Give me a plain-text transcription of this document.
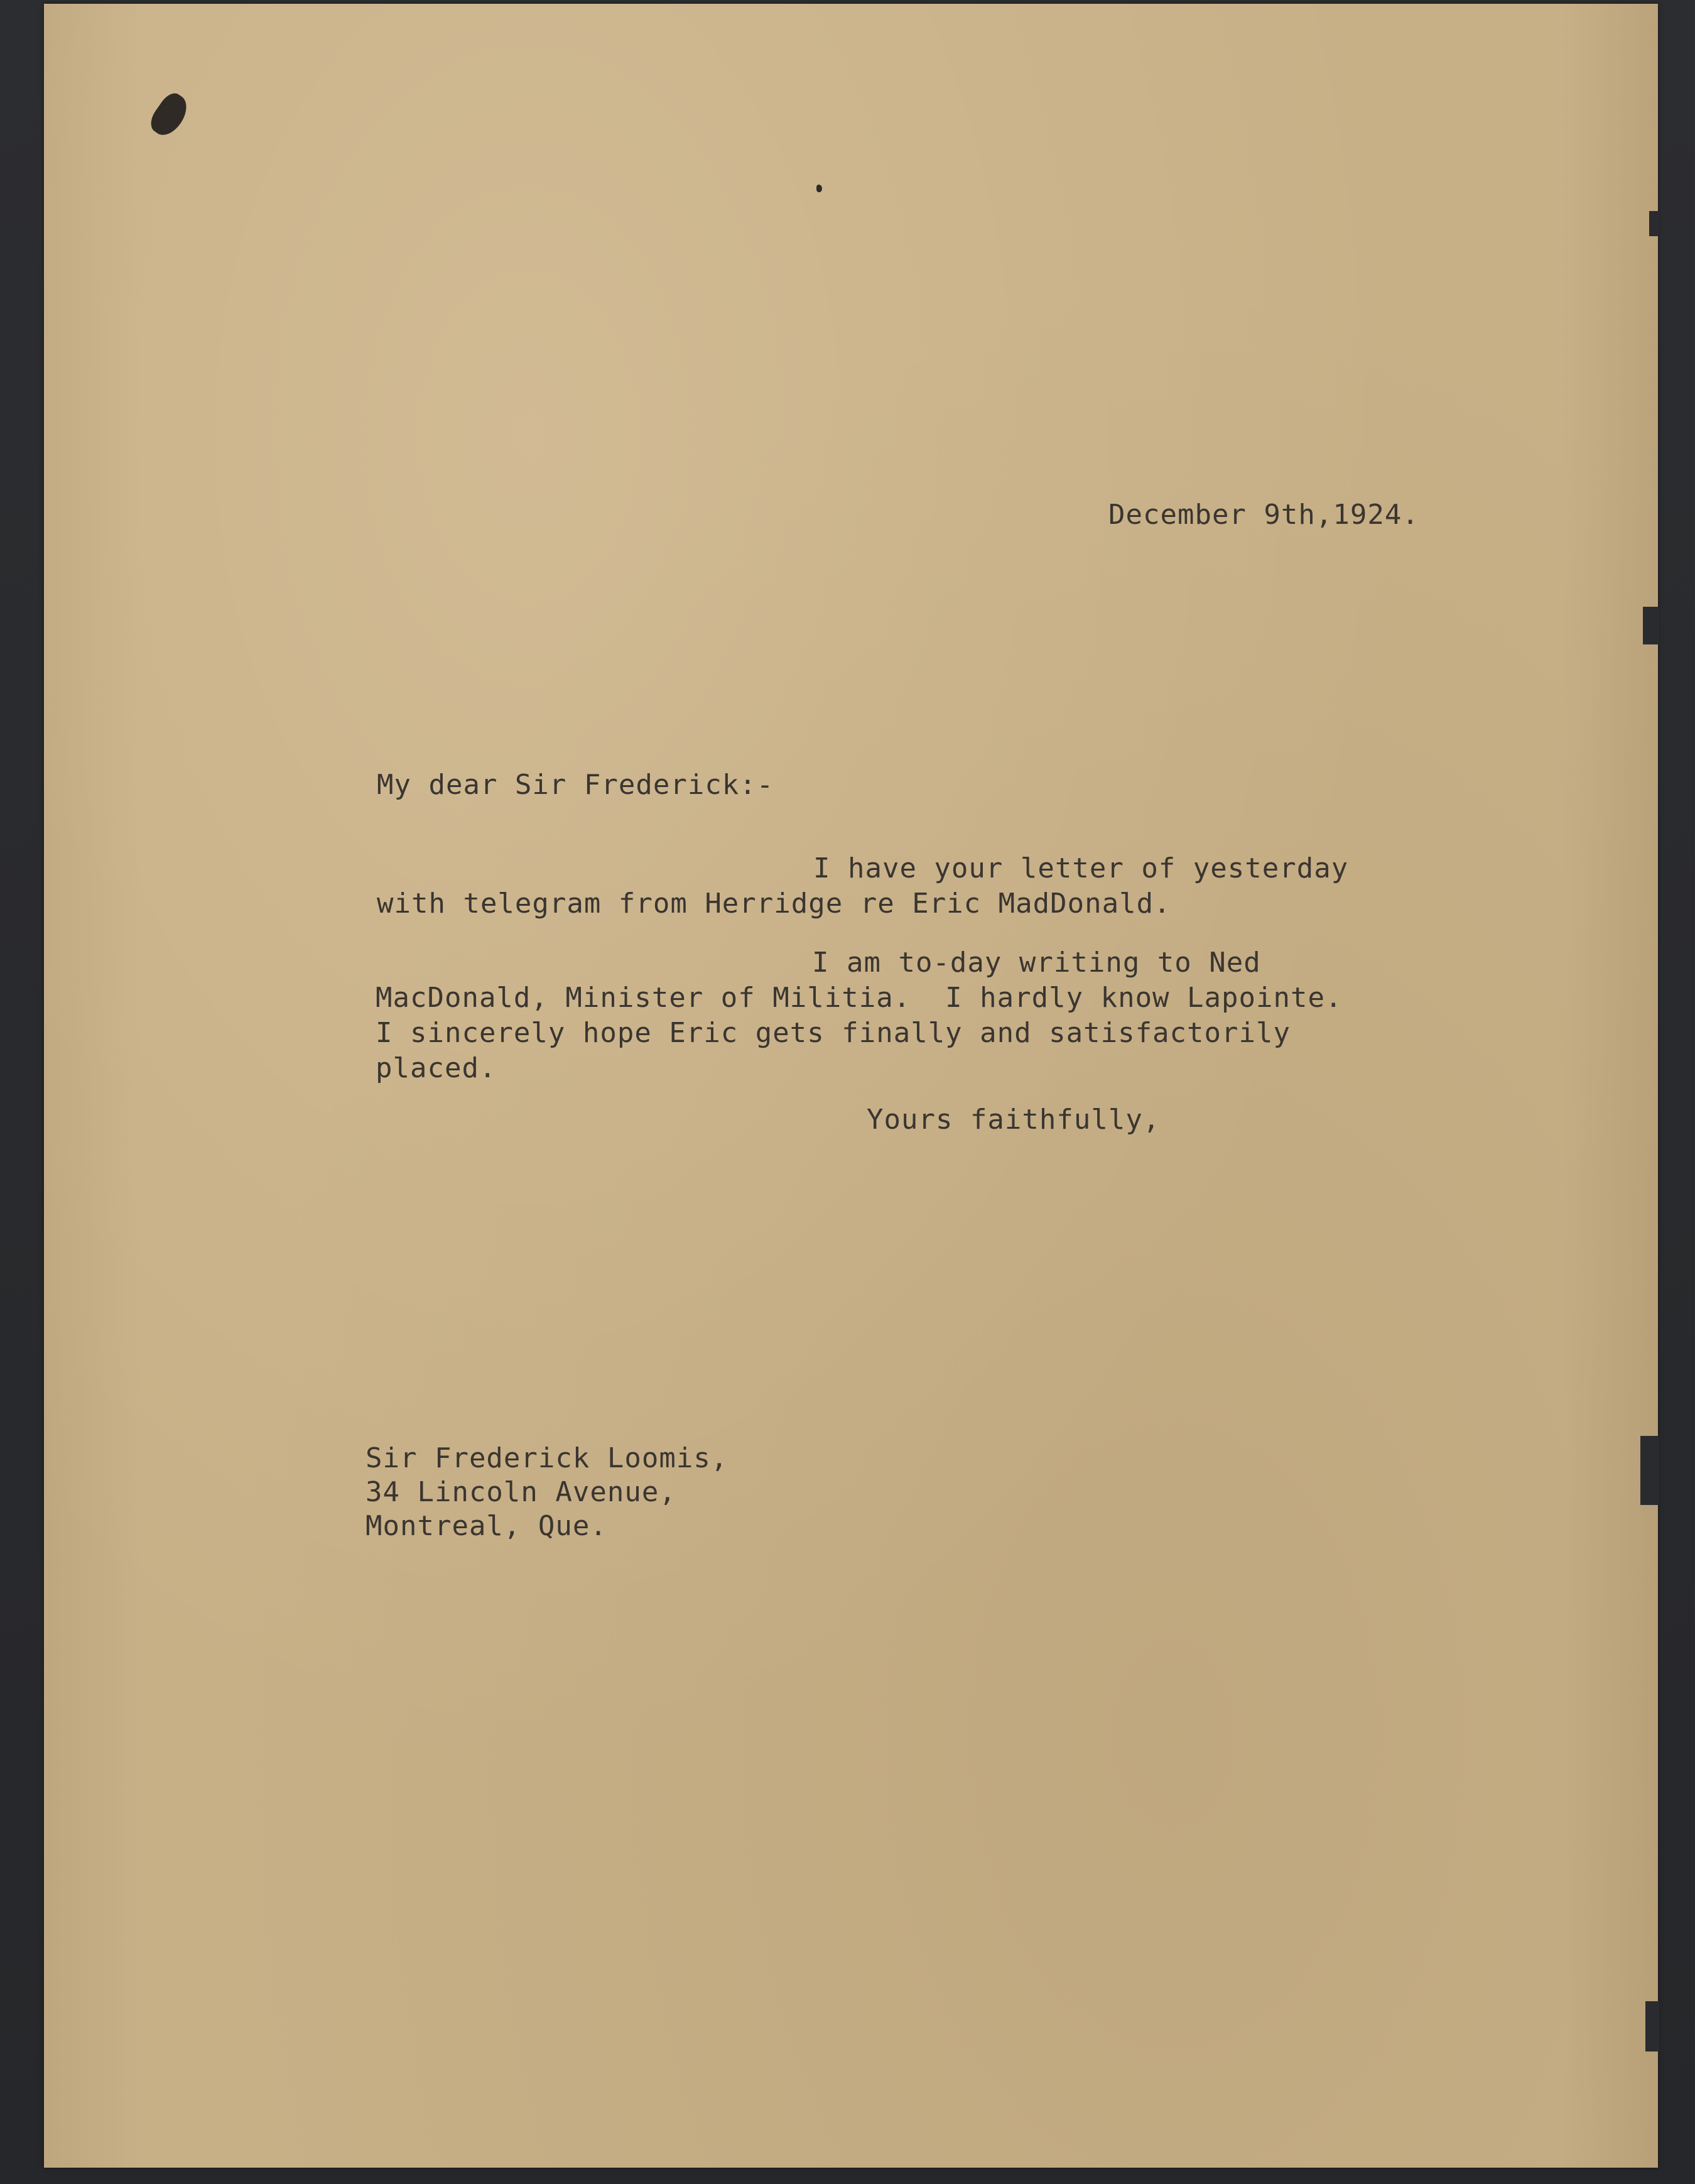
December 9th,1924.
My dear Sir Frederick:-
I have your letter of yesterday
with telegram from Herridge re Eric MadDonald.
I am to-day writing to Ned
MacDonald, Minister of Militia.  I hardly know Lapointe.
I sincerely hope Eric gets finally and satisfactorily
placed.
Yours faithfully,
Sir Frederick Loomis,
34 Lincoln Avenue,
Montreal, Que.
